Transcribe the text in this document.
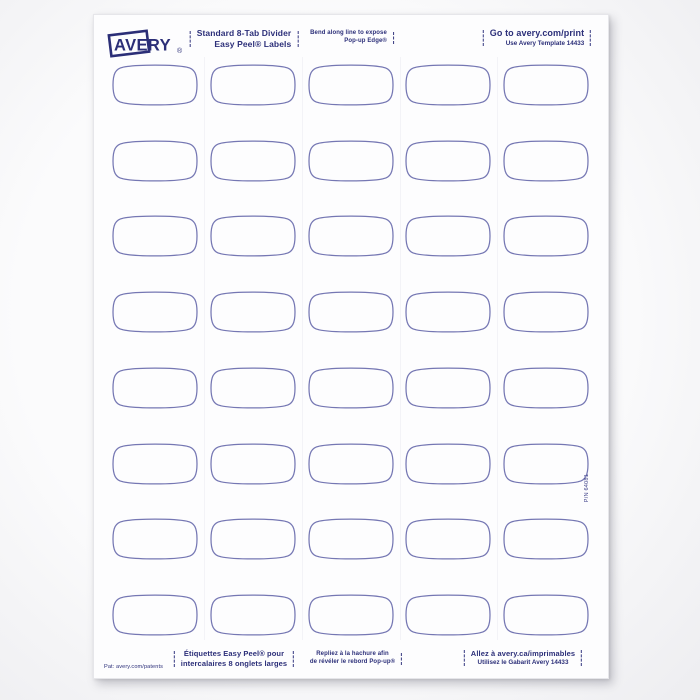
AVERY ®
Standard 8-Tab Divider
Easy Peel® Labels
Bend along line to expose
Pop-up Edge®
Go to avery.com/print
Use Avery Template 14433
P/N 64081
Étiquettes Easy Peel® pour
intercalaires 8 onglets larges
Repliez à la hachure afin
de révéler le rebord Pop-up®
Allez à avery.ca/imprimables
Utilisez le Gabarit Avery 14433
Pat: avery.com/patents
